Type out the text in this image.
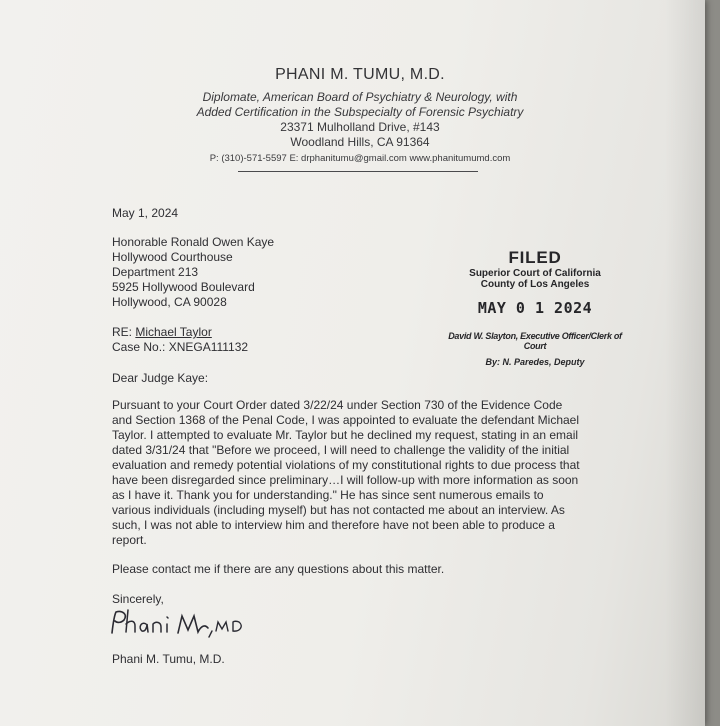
PHANI M. TUMU, M.D.
Diplomate, American Board of Psychiatry & Neurology, with
Added Certification in the Subspecialty of Forensic Psychiatry
23371 Mulholland Drive, #143
Woodland Hills, CA 91364
P: (310)-571-5597 E: drphanitumu@gmail.com www.phanitumumd.com
May 1, 2024
Honorable Ronald Owen Kaye
Hollywood Courthouse
Department 213
5925 Hollywood Boulevard
Hollywood, CA 90028
RE: Michael Taylor
Case No.: XNEGA111132
Dear Judge Kaye:
Pursuant to your Court Order dated 3/22/24 under Section 730 of the Evidence Code
and Section 1368 of the Penal Code, I was appointed to evaluate the defendant Michael
Taylor. I attempted to evaluate Mr. Taylor but he declined my request, stating in an email
dated 3/31/24 that "Before we proceed, I will need to challenge the validity of the initial
evaluation and remedy potential violations of my constitutional rights to due process that
have been disregarded since preliminary…I will follow-up with more information as soon
as I have it. Thank you for understanding." He has since sent numerous emails to
various individuals (including myself) but has not contacted me about an interview. As
such, I was not able to interview him and therefore have not been able to produce a
report.
Please contact me if there are any questions about this matter.
Sincerely,
Phani M. Tumu, M.D.
FILED
Superior Court of California
County of Los Angeles
MAY 0 1 2024
David W. Slayton, Executive Officer/Clerk of Court
By: N. Paredes, Deputy
